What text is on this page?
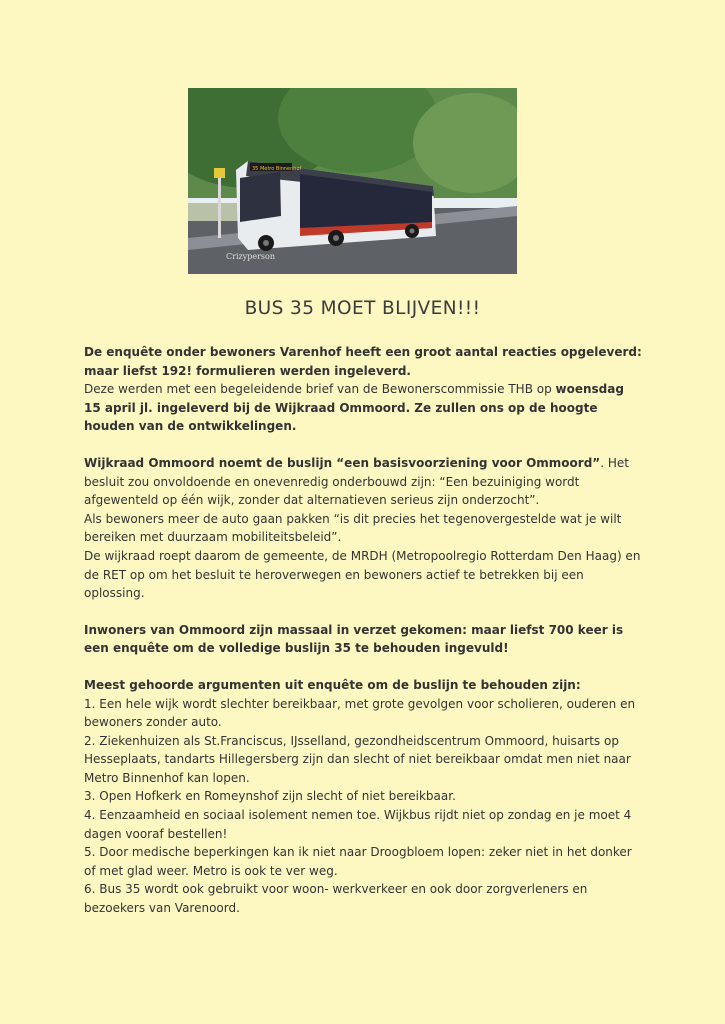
35 Metro Binnenhof
Crizyperson
BUS 35 MOET BLIJVEN!!!

De enquête onder bewoners Varenhof heeft een groot aantal reacties opgeleverd: maar liefst 192! formulieren werden ingeleverd.
Deze werden met een begeleidende brief van de Bewonerscommissie THB op woensdag 15 april jl. ingeleverd bij de Wijkraad Ommoord. Ze zullen ons op de hoogte houden van de ontwikkelingen.

Wijkraad Ommoord noemt de buslijn “een basisvoorziening voor Ommoord”. Het besluit zou onvoldoende en onevenredig onderbouwd zijn: “Een bezuiniging wordt afgewenteld op één wijk, zonder dat alternatieven serieus zijn onderzocht”.
Als bewoners meer de auto gaan pakken “is dit precies het tegenovergestelde wat je wilt bereiken met duurzaam mobiliteitsbeleid”.
De wijkraad roept daarom de gemeente, de MRDH (Metropoolregio Rotterdam Den Haag) en de RET op om het besluit te heroverwegen en bewoners actief te betrekken bij een oplossing.

Inwoners van Ommoord zijn massaal in verzet gekomen: maar liefst 700 keer is een enquête om de volledige buslijn 35 te behouden ingevuld!

Meest gehoorde argumenten uit enquête om de buslijn te behouden zijn:
1. Een hele wijk wordt slechter bereikbaar, met grote gevolgen voor scholieren, ouderen en bewoners zonder auto.
2. Ziekenhuizen als St.Franciscus, IJsselland, gezondheidscentrum Ommoord, huisarts op Hesseplaats, tandarts Hillegersberg zijn dan slecht of niet bereikbaar omdat men niet naar Metro Binnenhof kan lopen.
3. Open Hofkerk en Romeynshof zijn slecht of niet bereikbaar.
4. Eenzaamheid en sociaal isolement nemen toe. Wijkbus rijdt niet op zondag en je moet 4 dagen vooraf bestellen!
5. Door medische beperkingen kan ik niet naar Droogbloem lopen: zeker niet in het donker of met glad weer. Metro is ook te ver weg.
6. Bus 35 wordt ook gebruikt voor woon- werkverkeer en ook door zorgverleners en bezoekers van Varenoord.
